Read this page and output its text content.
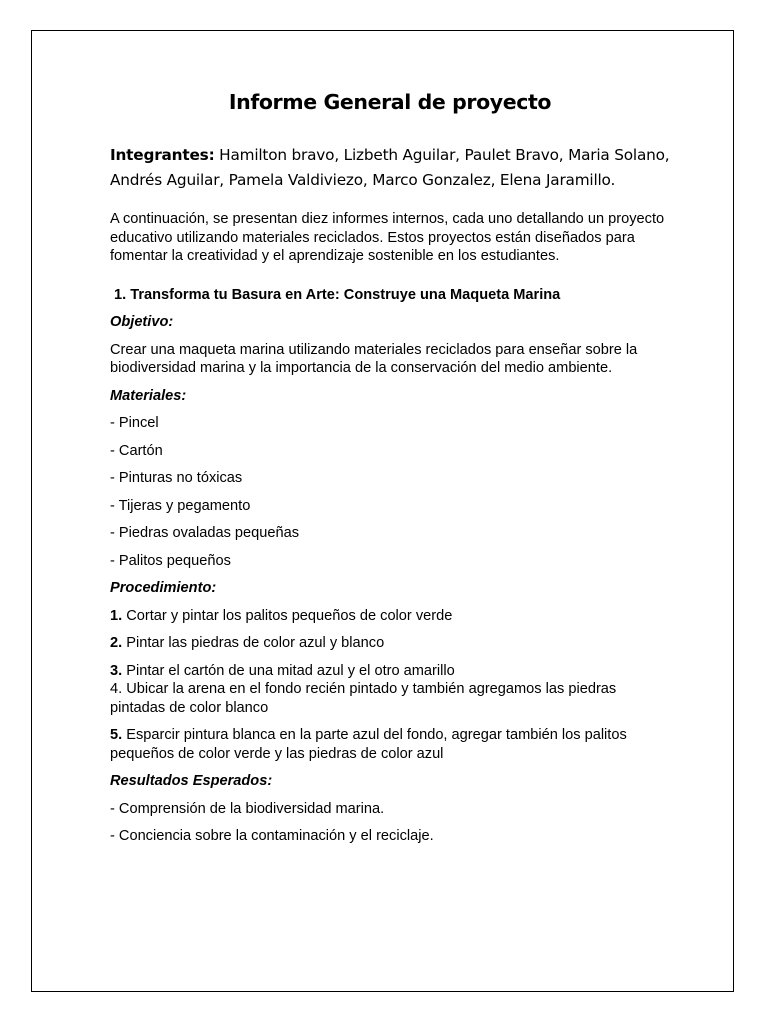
Informe General de proyecto

Integrantes: Hamilton bravo, Lizbeth Aguilar, Paulet Bravo, Maria Solano, Andrés Aguilar, Pamela Valdiviezo, Marco Gonzalez, Elena Jaramillo.

A continuación, se presentan diez informes internos, cada uno detallando un proyecto educativo utilizando materiales reciclados. Estos proyectos están diseñados para fomentar la creatividad y el aprendizaje sostenible en los estudiantes.

1. Transforma tu Basura en Arte: Construye una Maqueta Marina

Objetivo:

Crear una maqueta marina utilizando materiales reciclados para enseñar sobre la biodiversidad marina y la importancia de la conservación del medio ambiente.

Materiales:

- Pincel

- Cartón

- Pinturas no tóxicas

- Tijeras y pegamento

- Piedras ovaladas pequeñas

- Palitos pequeños

Procedimiento:

1. Cortar y pintar los palitos pequeños de color verde

2. Pintar las piedras de color azul y blanco

3. Pintar el cartón de una mitad azul y el otro amarillo

4. Ubicar la arena en el fondo recién pintado y también agregamos las piedras pintadas de color blanco

5. Esparcir pintura blanca en la parte azul del fondo, agregar también los palitos pequeños de color verde y las piedras de color azul

Resultados Esperados:

- Comprensión de la biodiversidad marina.

- Conciencia sobre la contaminación y el reciclaje.
